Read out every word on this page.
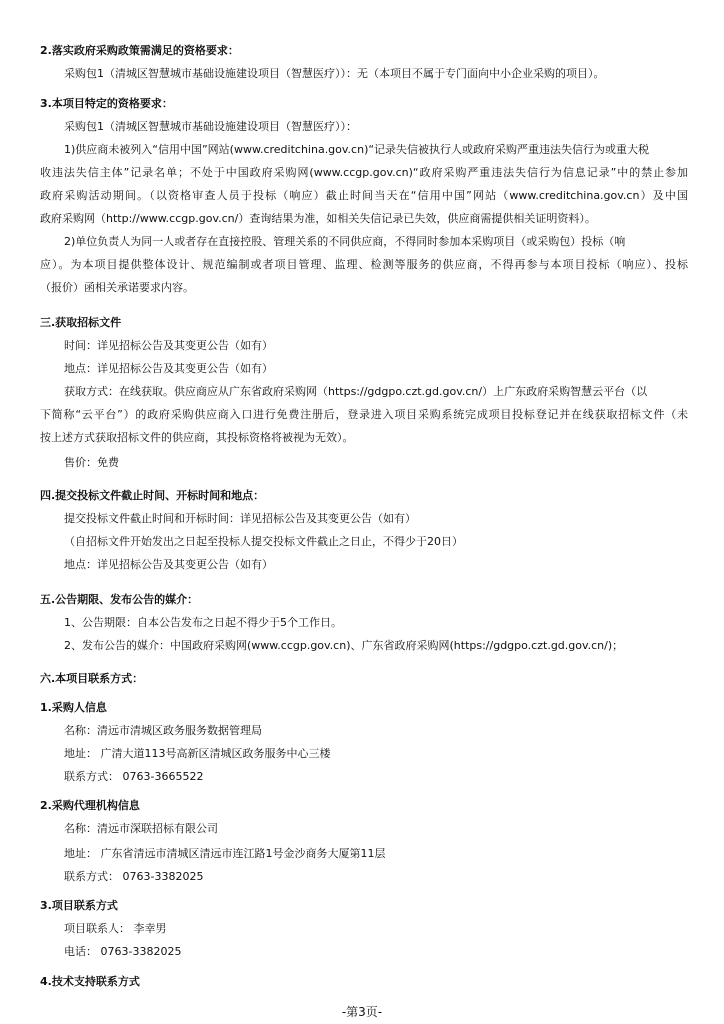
2.落实政府采购政策需满足的资格要求：
采购包1（清城区智慧城市基础设施建设项目（智慧医疗））：无（本项目不属于专门面向中小企业采购的项目）。
3.本项目特定的资格要求：
采购包1（清城区智慧城市基础设施建设项目（智慧医疗））：
1)供应商未被列入“信用中国”网站(www.creditchina.gov.cn)“记录失信被执行人或政府采购严重违法失信行为或重大税
收违法失信主体”记录名单；不处于中国政府采购网(www.ccgp.gov.cn)“政府采购严重违法失信行为信息记录”中的禁止参加
政府采购活动期间。（以资格审查人员于投标（响应）截止时间当天在“信用中国”网站（www.creditchina.gov.cn）及中国
政府采购网（http://www.ccgp.gov.cn/）查询结果为准，如相关失信记录已失效，供应商需提供相关证明资料）。
2)单位负责人为同一人或者存在直接控股、管理关系的不同供应商，不得同时参加本采购项目（或采购包）投标（响
应）。为本项目提供整体设计、规范编制或者项目管理、监理、检测等服务的供应商，不得再参与本项目投标（响应）、投标
（报价）函相关承诺要求内容。
三.获取招标文件
时间：详见招标公告及其变更公告（如有）
地点：详见招标公告及其变更公告（如有）
获取方式：在线获取。供应商应从广东省政府采购网（https://gdgpo.czt.gd.gov.cn/）上广东政府采购智慧云平台（以
下简称“云平台”）的政府采购供应商入口进行免费注册后，登录进入项目采购系统完成项目投标登记并在线获取招标文件（未
按上述方式获取招标文件的供应商，其投标资格将被视为无效）。
售价：免费
四.提交投标文件截止时间、开标时间和地点：
提交投标文件截止时间和开标时间：详见招标公告及其变更公告（如有）
（自招标文件开始发出之日起至投标人提交投标文件截止之日止，不得少于20日）
地点：详见招标公告及其变更公告（如有）
五.公告期限、发布公告的媒介：
1、公告期限：自本公告发布之日起不得少于5个工作日。
2、发布公告的媒介：中国政府采购网(www.ccgp.gov.cn)、广东省政府采购网(https://gdgpo.czt.gd.gov.cn/)；
六.本项目联系方式：
1.采购人信息
名称：清远市清城区政务服务数据管理局
地址： 广清大道113号高新区清城区政务服务中心三楼
联系方式： 0763-3665522
2.采购代理机构信息
名称：清远市深联招标有限公司
地址： 广东省清远市清城区清远市连江路1号金沙商务大厦第11层
联系方式： 0763-3382025
3.项目联系方式
项目联系人： 李幸男
电话： 0763-3382025
4.技术支持联系方式
-第3页-
